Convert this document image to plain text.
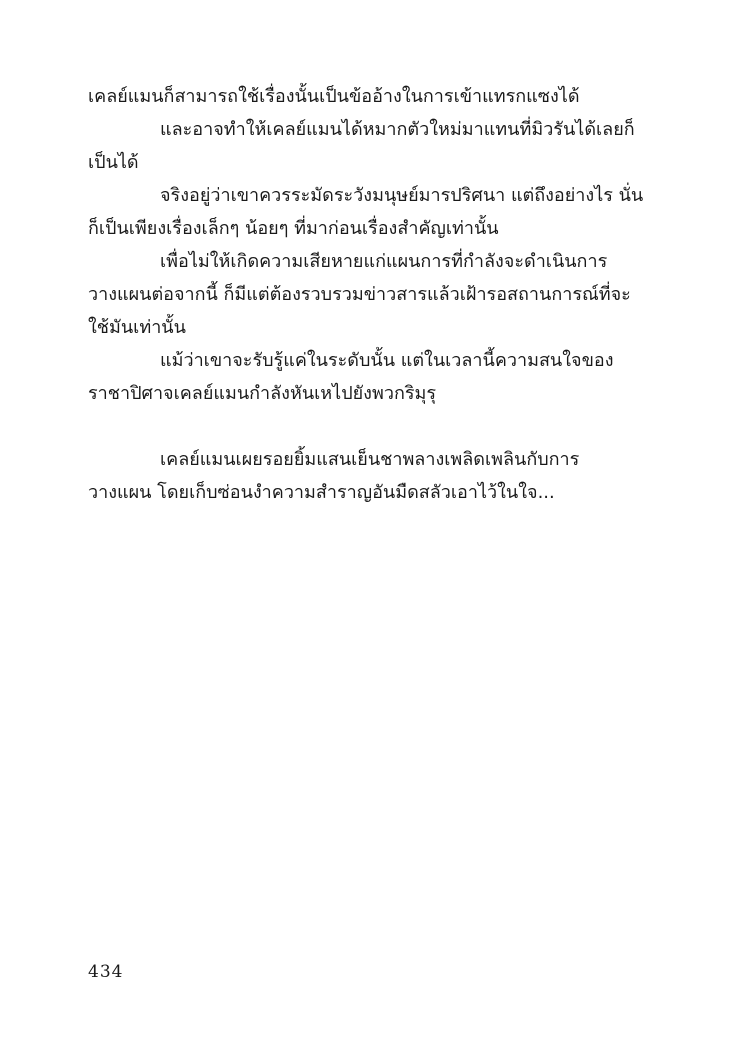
เคลย์แมนก็สามารถใช้เรื่องนั้นเป็นข้ออ้างในการเข้าแทรกแซงได้
และอาจทำให้เคลย์แมนได้หมากตัวใหม่มาแทนที่มิวรันได้เลยก็
เป็นได้
จริงอยู่ว่าเขาควรระมัดระวังมนุษย์มารปริศนา แต่ถึงอย่างไร นั่น
ก็เป็นเพียงเรื่องเล็กๆ น้อยๆ ที่มาก่อนเรื่องสำคัญเท่านั้น
เพื่อไม่ให้เกิดความเสียหายแก่แผนการที่กำลังจะดำเนินการ
วางแผนต่อจากนี้ ก็มีแต่ต้องรวบรวมข่าวสารแล้วเฝ้ารอสถานการณ์ที่จะ
ใช้มันเท่านั้น
แม้ว่าเขาจะรับรู้แค่ในระดับนั้น แต่ในเวลานี้ความสนใจของ
ราชาปิศาจเคลย์แมนกำลังหันเหไปยังพวกริมุรุ
เคลย์แมนเผยรอยยิ้มแสนเย็นชาพลางเพลิดเพลินกับการ
วางแผน โดยเก็บซ่อนงำความสำราญอันมืดสลัวเอาไว้ในใจ...
434
